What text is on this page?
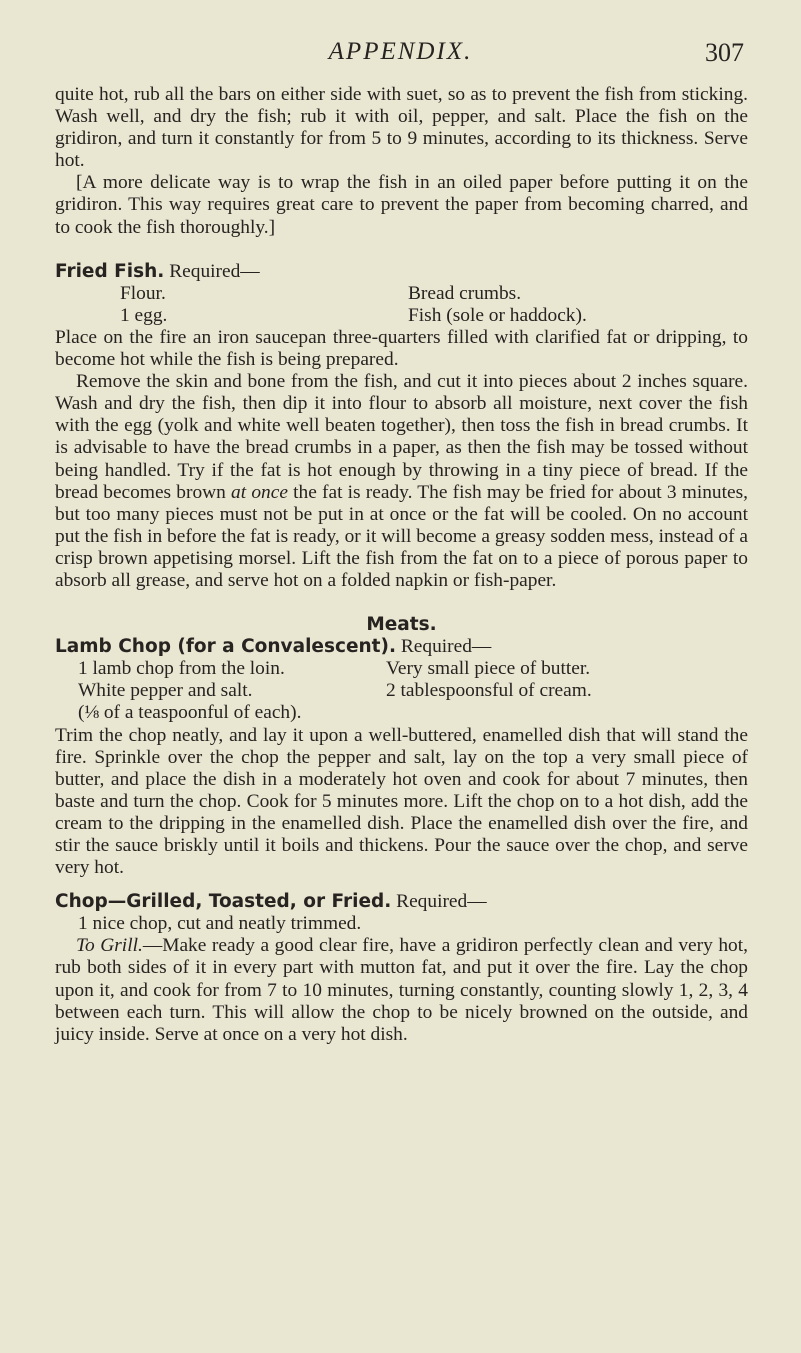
APPENDIX.	307

quite hot, rub all the bars on either side with suet, so as to prevent the fish from sticking. Wash well, and dry the fish; rub it with oil, pepper, and salt. Place the fish on the gridiron, and turn it constantly for from 5 to 9 minutes, according to its thickness. Serve hot.

[A more delicate way is to wrap the fish in an oiled paper before putting it on the gridiron. This way requires great care to prevent the paper from becoming charred, and to cook the fish thoroughly.]

Fried Fish. Required—

Flour.	Bread crumbs.
1 egg.	Fish (sole or haddock).

Place on the fire an iron saucepan three-quarters filled with clarified fat or dripping, to become hot while the fish is being prepared.

Remove the skin and bone from the fish, and cut it into pieces about 2 inches square. Wash and dry the fish, then dip it into flour to absorb all moisture, next cover the fish with the egg (yolk and white well beaten together), then toss the fish in bread crumbs. It is advisable to have the bread crumbs in a paper, as then the fish may be tossed without being handled. Try if the fat is hot enough by throwing in a tiny piece of bread. If the bread becomes brown at once the fat is ready. The fish may be fried for about 3 minutes, but too many pieces must not be put in at once or the fat will be cooled. On no account put the fish in before the fat is ready, or it will become a greasy sodden mess, instead of a crisp brown appetising morsel. Lift the fish from the fat on to a piece of porous paper to absorb all grease, and serve hot on a folded napkin or fish-paper.

Meats.

Lamb Chop (for a Convalescent). Required—

1 lamb chop from the loin.	Very small piece of butter.
White pepper and salt.	2 tablespoonsful of cream.

(⅛ of a teaspoonful of each).

Trim the chop neatly, and lay it upon a well-buttered, enamelled dish that will stand the fire. Sprinkle over the chop the pepper and salt, lay on the top a very small piece of butter, and place the dish in a moderately hot oven and cook for about 7 minutes, then baste and turn the chop. Cook for 5 minutes more. Lift the chop on to a hot dish, add the cream to the dripping in the enamelled dish. Place the enamelled dish over the fire, and stir the sauce briskly until it boils and thickens. Pour the sauce over the chop, and serve very hot.

Chop—Grilled, Toasted, or Fried. Required—

1 nice chop, cut and neatly trimmed.

To Grill.—Make ready a good clear fire, have a gridiron perfectly clean and very hot, rub both sides of it in every part with mutton fat, and put it over the fire. Lay the chop upon it, and cook for from 7 to 10 minutes, turning constantly, counting slowly 1, 2, 3, 4 between each turn. This will allow the chop to be nicely browned on the outside, and juicy inside. Serve at once on a very hot dish.
